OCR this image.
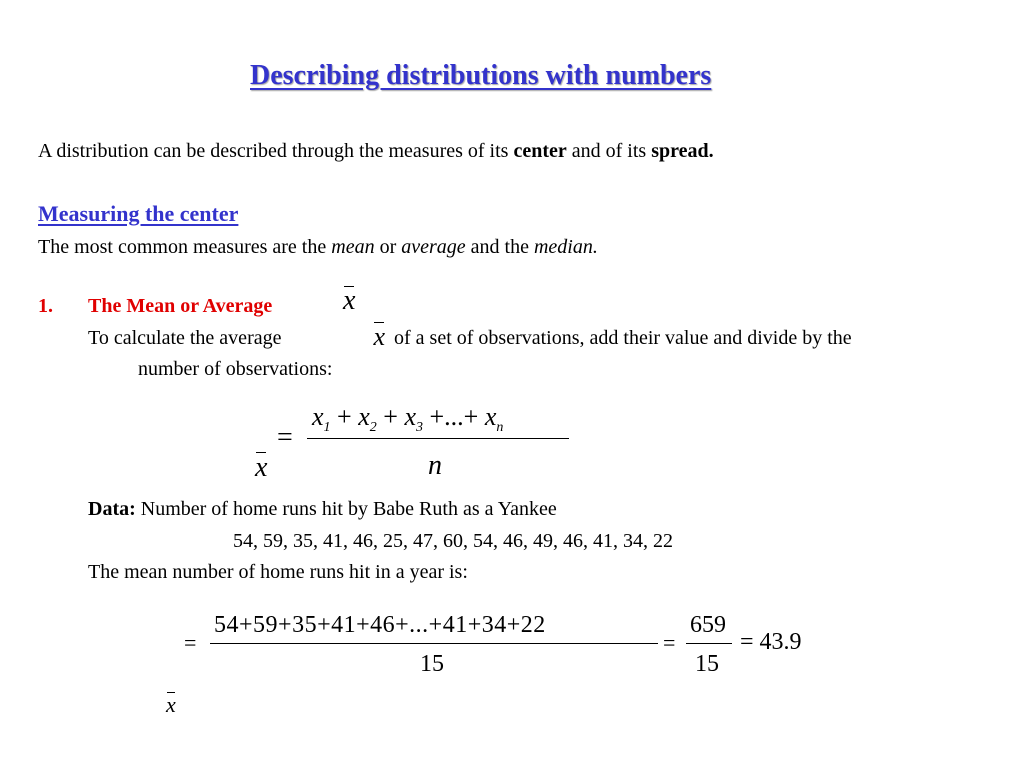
Describing distributions with numbers
A distribution can be described through the measures of its center and of its spread.
Measuring the center
The most common measures are the mean or average and the median.
1. The Mean or Average	x
To calculate the average	x of a set of observations, add their value and divide by the
number of observations:
x
=
$x_1 + x_2 + x_3$ +...+ $x_n$
n
Data: Number of home runs hit by Babe Ruth as a Yankee
54, 59, 35, 41, 46, 25, 47, 60, 54, 46, 49, 46, 41, 34, 22
The mean number of home runs hit in a year is:
x
=
54+59+35+41+46+...+41+34+22
15
=
659
15
= 43.9
